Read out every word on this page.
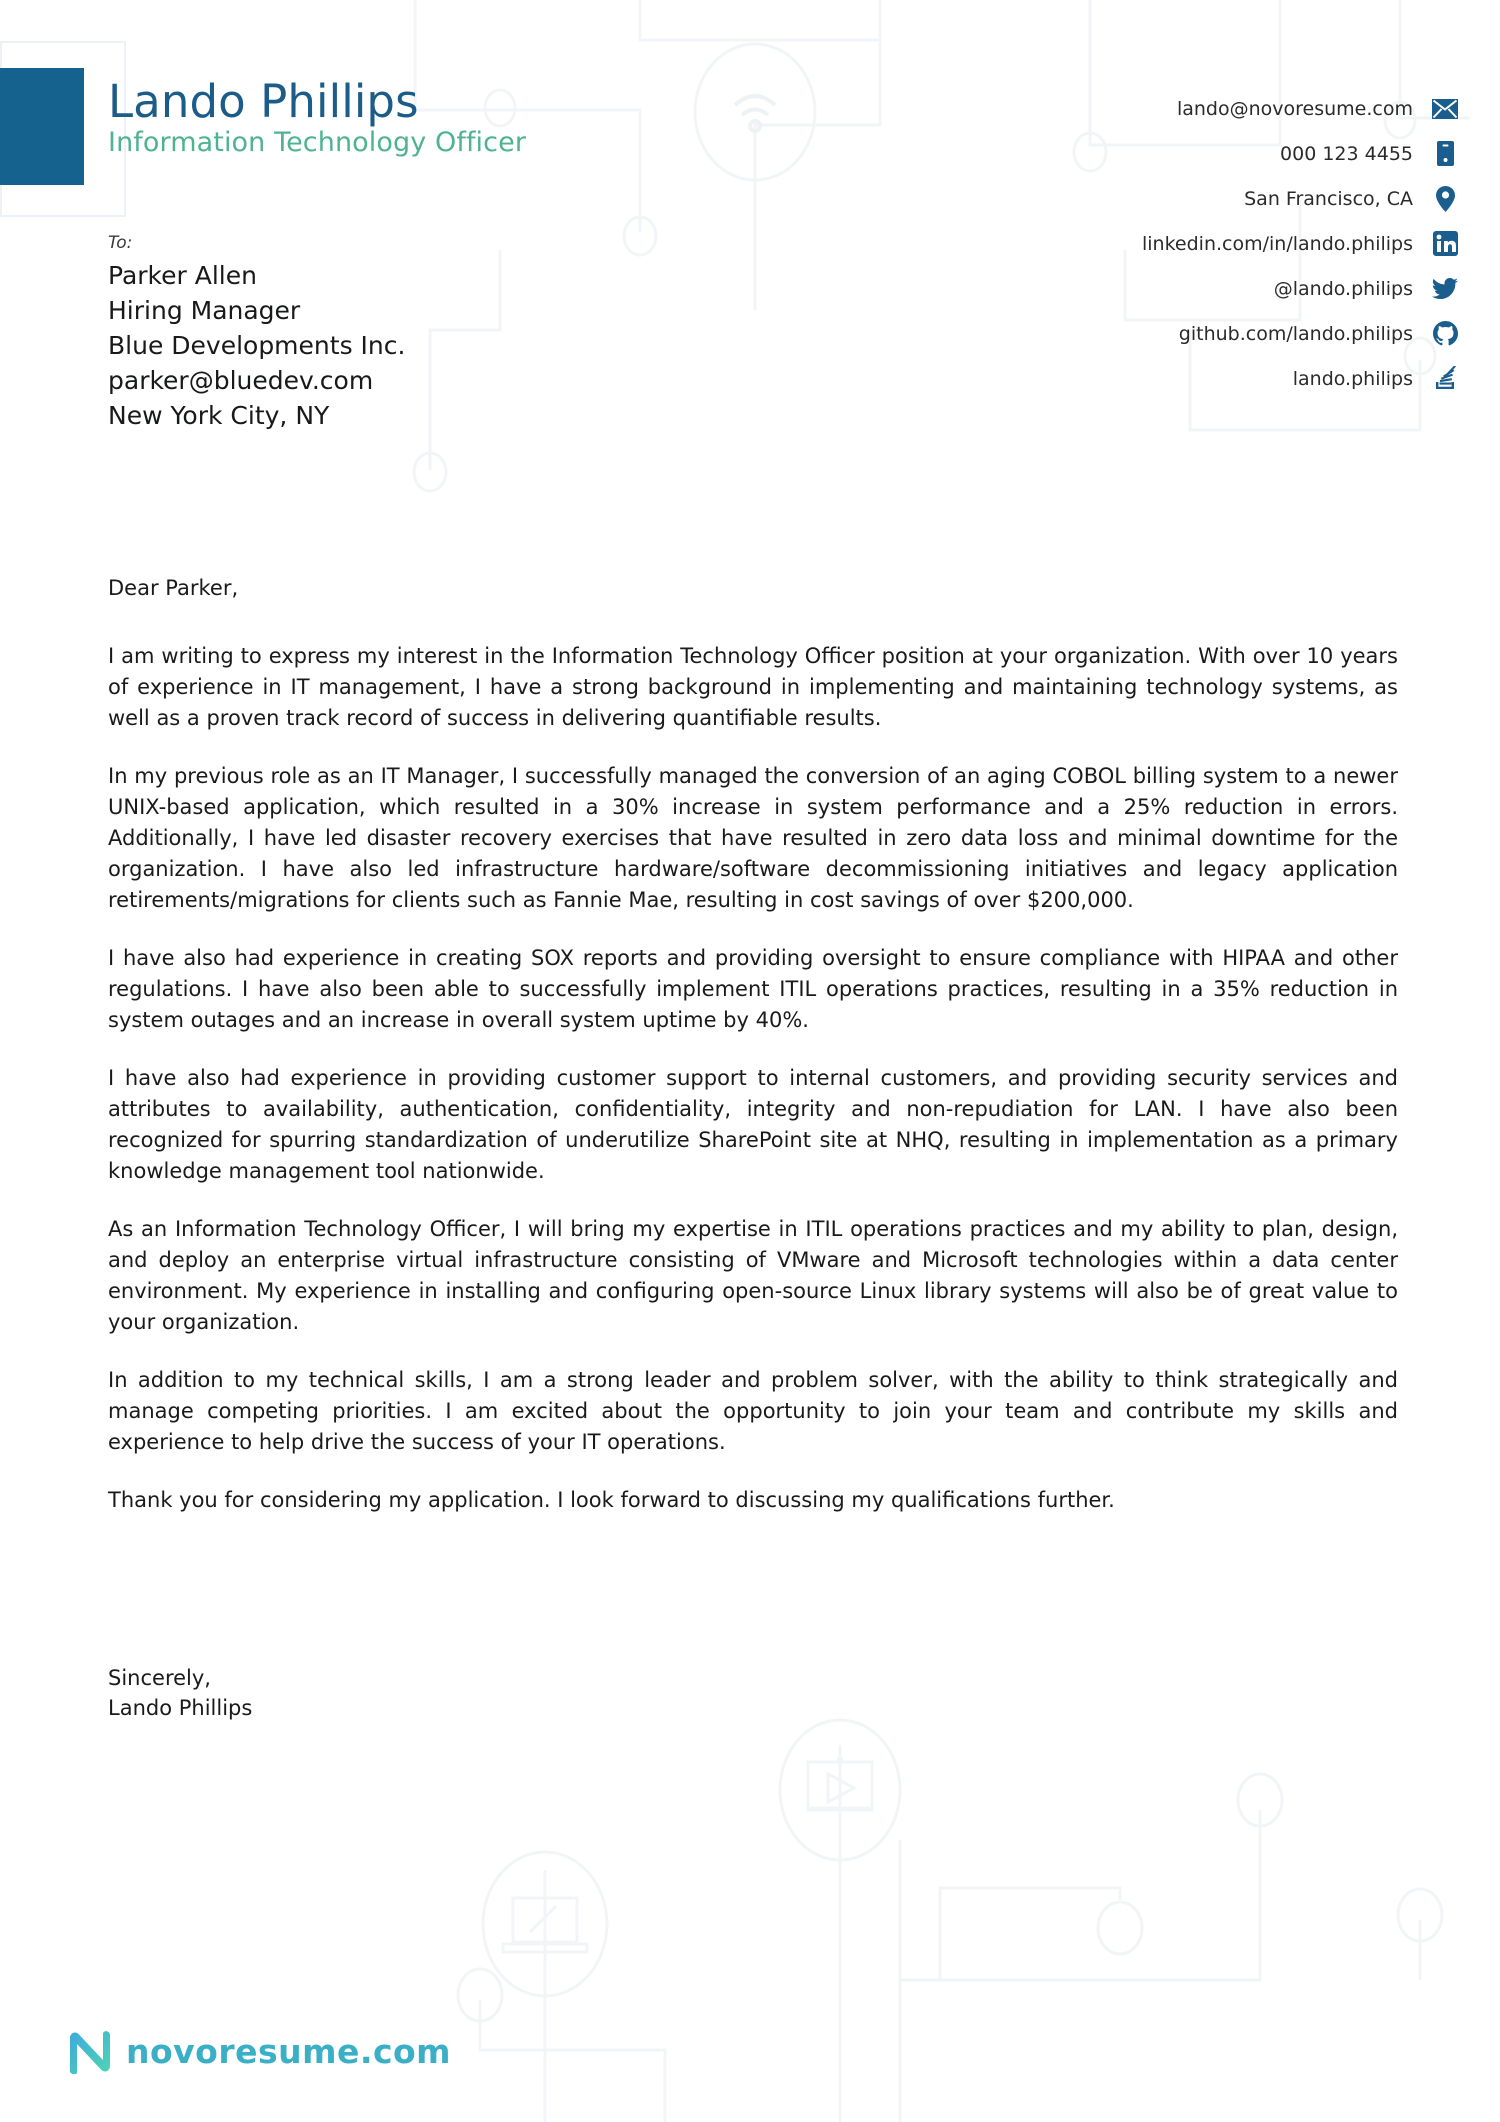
Lando Phillips
Information Technology Officer
lando@novoresume.com
000 123 4455
San Francisco, CA
linkedin.com/in/lando.philips
@lando.philips
github.com/lando.philips
lando.philips
To:
Parker Allen
Hiring Manager
Blue Developments Inc.
parker@bluedev.com
New York City, NY
Dear Parker,

I am writing to express my interest in the Information Technology Officer position at your organization. With over 10 years of experience in IT management, I have a strong background in implementing and maintaining technology systems, as well as a proven track record of success in delivering quantifiable results.

In my previous role as an IT Manager, I successfully managed the conversion of an aging COBOL billing system to a newer UNIX-based application, which resulted in a 30% increase in system performance and a 25% reduction in errors. Additionally, I have led disaster recovery exercises that have resulted in zero data loss and minimal downtime for the organization. I have also led infrastructure hardware/software decommissioning initiatives and legacy application retirements/migrations for clients such as Fannie Mae, resulting in cost savings of over $200,000.

I have also had experience in creating SOX reports and providing oversight to ensure compliance with HIPAA and other regulations. I have also been able to successfully implement ITIL operations practices, resulting in a 35% reduction in system outages and an increase in overall system uptime by 40%.

I have also had experience in providing customer support to internal customers, and providing security services and attributes to availability, authentication, confidentiality, integrity and non-repudiation for LAN. I have also been recognized for spurring standardization of underutilize SharePoint site at NHQ, resulting in implementation as a primary knowledge management tool nationwide.

As an Information Technology Officer, I will bring my expertise in ITIL operations practices and my ability to plan, design, and deploy an enterprise virtual infrastructure consisting of VMware and Microsoft technologies within a data center environment. My experience in installing and configuring open-source Linux library systems will also be of great value to your organization.

In addition to my technical skills, I am a strong leader and problem solver, with the ability to think strategically and manage competing priorities. I am excited about the opportunity to join your team and contribute my skills and experience to help drive the success of your IT operations.

Thank you for considering my application. I look forward to discussing my qualifications further.

Sincerely,
Lando Phillips
novoresume.com
